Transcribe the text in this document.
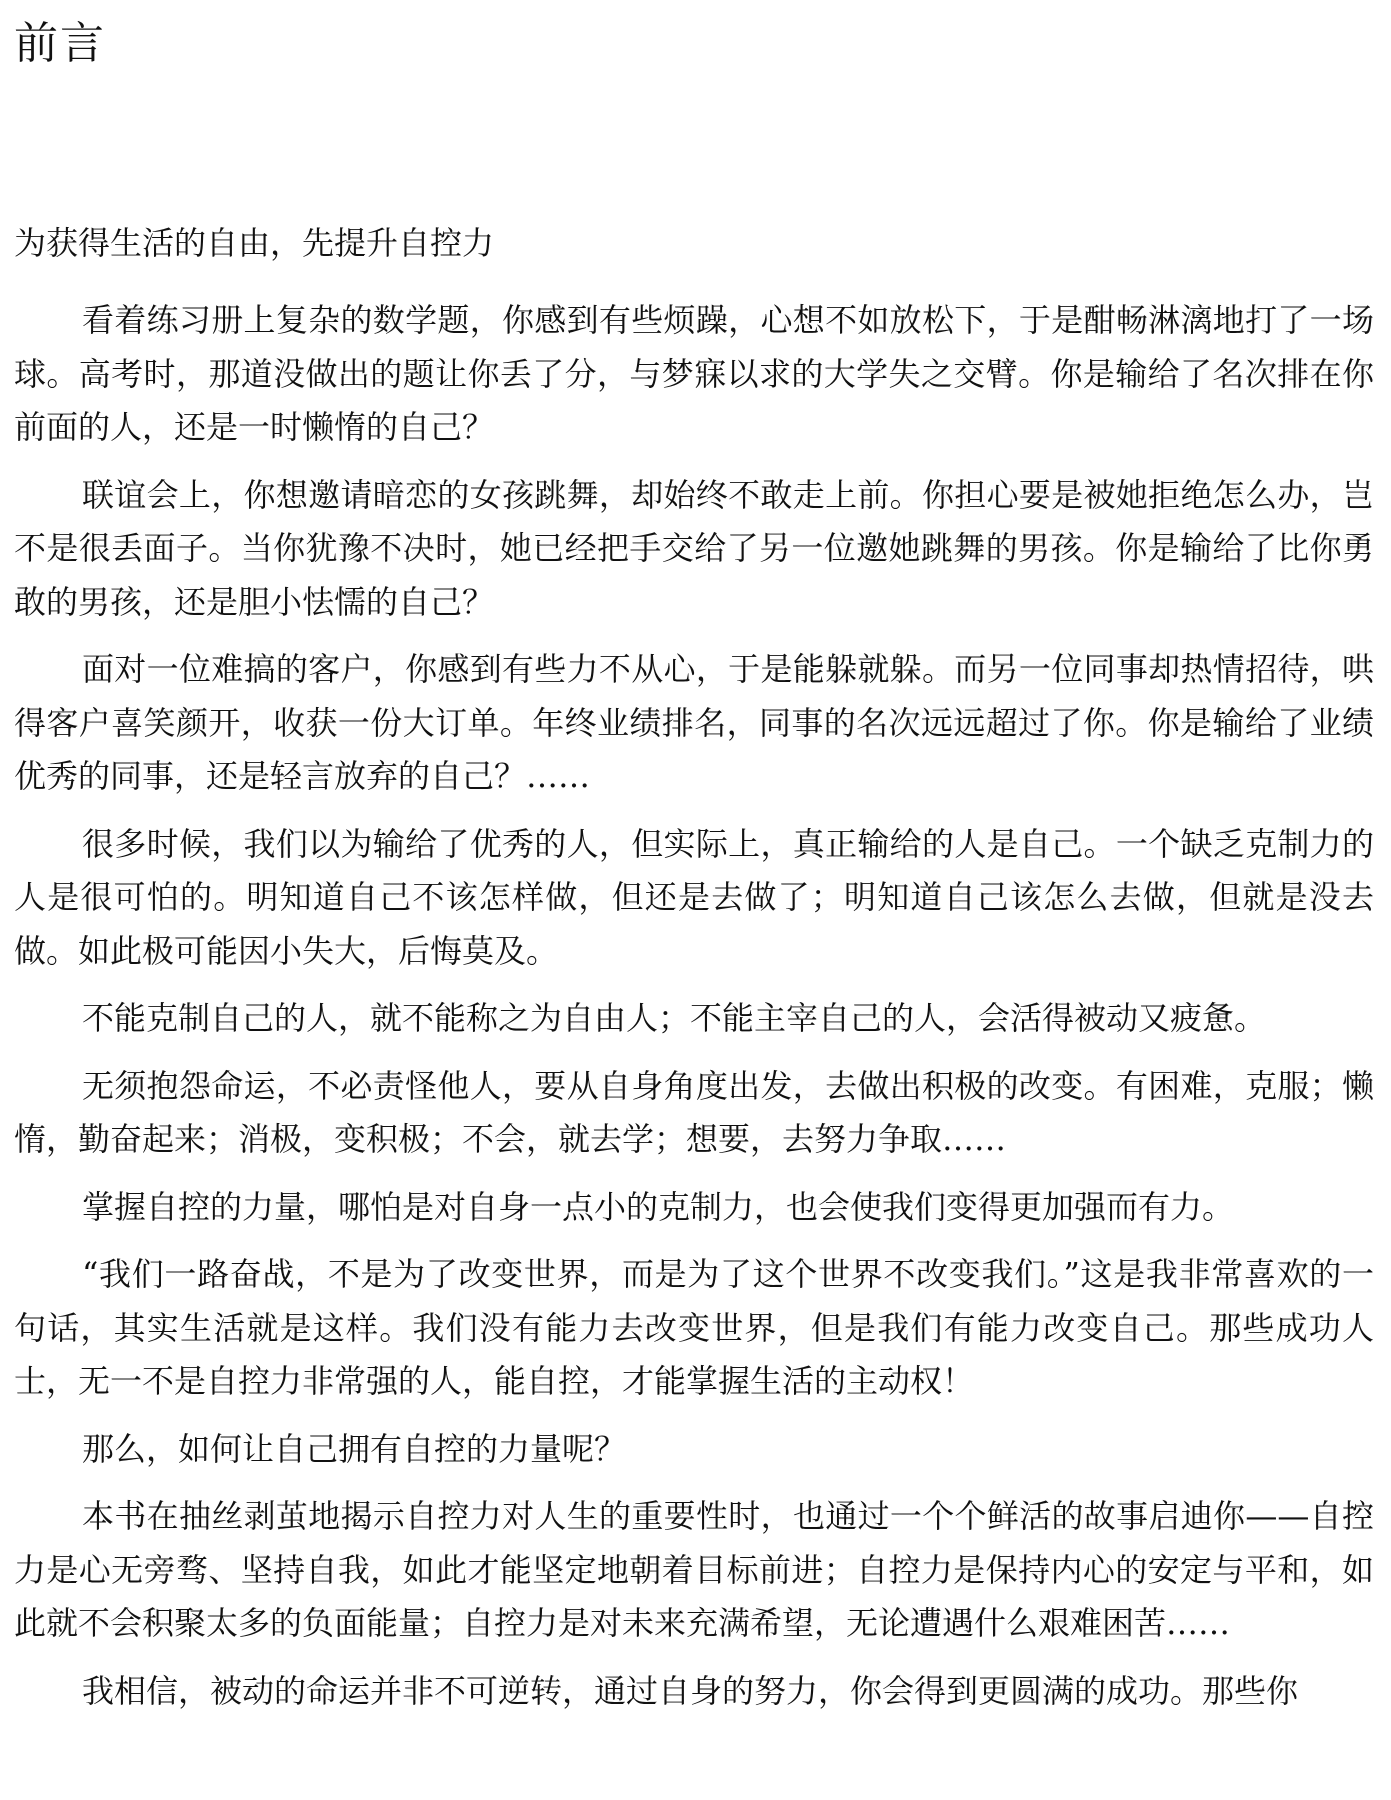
前言
为获得生活的自由，先提升自控力

看着练习册上复杂的数学题，你感到有些烦躁，心想不如放松下，于是酣畅淋漓地打了一场球。高考时，那道没做出的题让你丢了分，与梦寐以求的大学失之交臂。你是输给了名次排在你前面的人，还是一时懒惰的自己？

联谊会上，你想邀请暗恋的女孩跳舞，却始终不敢走上前。你担心要是被她拒绝怎么办，岂不是很丢面子。当你犹豫不决时，她已经把手交给了另一位邀她跳舞的男孩。你是输给了比你勇敢的男孩，还是胆小怯懦的自己？

面对一位难搞的客户，你感到有些力不从心，于是能躲就躲。而另一位同事却热情招待，哄得客户喜笑颜开，收获一份大订单。年终业绩排名，同事的名次远远超过了你。你是输给了业绩优秀的同事，还是轻言放弃的自己？……

很多时候，我们以为输给了优秀的人，但实际上，真正输给的人是自己。一个缺乏克制力的人是很可怕的。明知道自己不该怎样做，但还是去做了；明知道自己该怎么去做，但就是没去做。如此极可能因小失大，后悔莫及。

不能克制自己的人，就不能称之为自由人；不能主宰自己的人，会活得被动又疲惫。

无须抱怨命运，不必责怪他人，要从自身角度出发，去做出积极的改变。有困难，克服；懒惰，勤奋起来；消极，变积极；不会，就去学；想要，去努力争取……

掌握自控的力量，哪怕是对自身一点小的克制力，也会使我们变得更加强而有力。

“我们一路奋战，不是为了改变世界，而是为了这个世界不改变我们。”这是我非常喜欢的一句话，其实生活就是这样。我们没有能力去改变世界，但是我们有能力改变自己。那些成功人士，无一不是自控力非常强的人，能自控，才能掌握生活的主动权！

那么，如何让自己拥有自控的力量呢？

本书在抽丝剥茧地揭示自控力对人生的重要性时，也通过一个个鲜活的故事启迪你——自控力是心无旁骛、坚持自我，如此才能坚定地朝着目标前进；自控力是保持内心的安定与平和，如此就不会积聚太多的负面能量；自控力是对未来充满希望，无论遭遇什么艰难困苦……

我相信，被动的命运并非不可逆转，通过自身的努力，你会得到更圆满的成功。那些你
